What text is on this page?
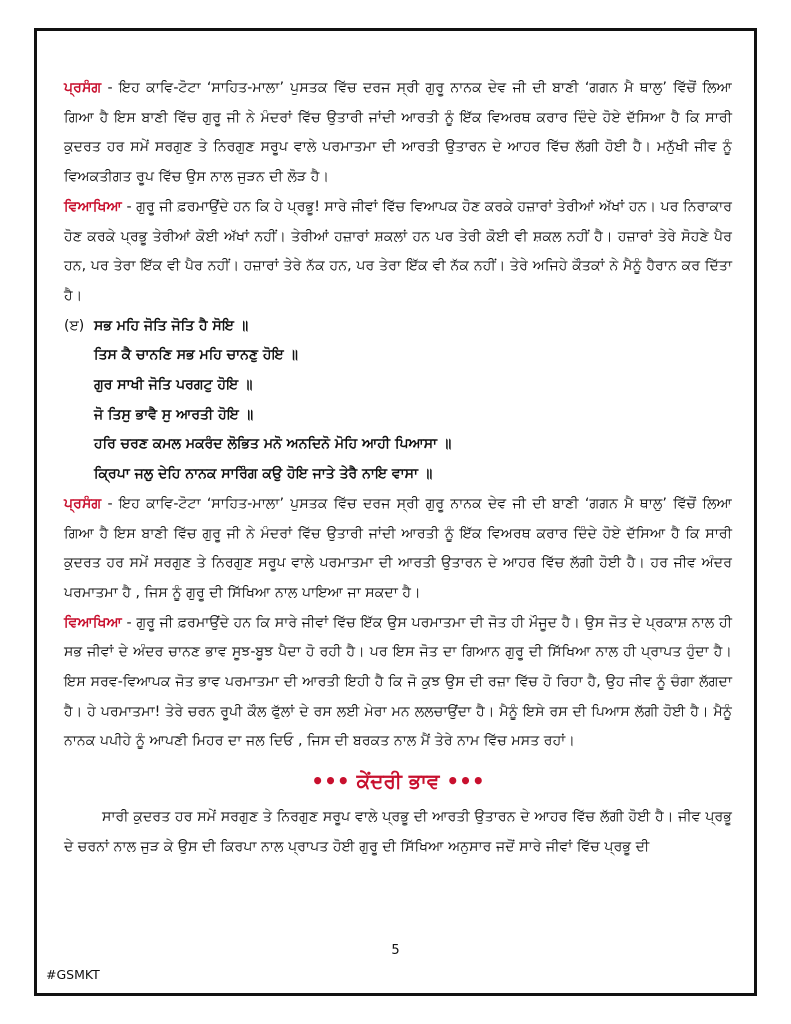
ਪ੍ਰਸੰਗ - ਇਹ ਕਾਵਿ-ਟੋਟਾ ‘ਸਾਹਿਤ-ਮਾਲਾ’ ਪੁਸਤਕ ਵਿੱਚ ਦਰਜ ਸ੍ਰੀ ਗੁਰੂ ਨਾਨਕ ਦੇਵ ਜੀ ਦੀ ਬਾਣੀ ‘ਗਗਨ ਮੈ ਥਾਲੁ’ ਵਿੱਚੋਂ ਲਿਆ ਗਿਆ ਹੈ ਇਸ ਬਾਣੀ ਵਿੱਚ ਗੁਰੂ ਜੀ ਨੇ ਮੰਦਰਾਂ ਵਿੱਚ ਉਤਾਰੀ ਜਾਂਦੀ ਆਰਤੀ ਨੂੰ ਇੱਕ ਵਿਅਰਥ ਕਰਾਰ ਦਿੰਦੇ ਹੋਏ ਦੱਸਿਆ ਹੈ ਕਿ ਸਾਰੀ ਕੁਦਰਤ ਹਰ ਸਮੇਂ ਸਰਗੁਣ ਤੇ ਨਿਰਗੁਣ ਸਰੂਪ ਵਾਲੇ ਪਰਮਾਤਮਾ ਦੀ ਆਰਤੀ ਉਤਾਰਨ ਦੇ ਆਹਰ ਵਿੱਚ ਲੱਗੀ ਹੋਈ ਹੈ। ਮਨੁੱਖੀ ਜੀਵ ਨੂੰ ਵਿਅਕਤੀਗਤ ਰੂਪ ਵਿੱਚ ਉਸ ਨਾਲ ਜੁੜਨ ਦੀ ਲੋੜ ਹੈ।

ਵਿਆਖਿਆ - ਗੁਰੂ ਜੀ ਫ਼ਰਮਾਉਂਦੇ ਹਨ ਕਿ ਹੇ ਪ੍ਰਭੂ! ਸਾਰੇ ਜੀਵਾਂ ਵਿੱਚ ਵਿਆਪਕ ਹੋਣ ਕਰਕੇ ਹਜ਼ਾਰਾਂ ਤੇਰੀਆਂ ਅੱਖਾਂ ਹਨ। ਪਰ ਨਿਰਾਕਾਰ ਹੋਣ ਕਰਕੇ ਪ੍ਰਭੂ ਤੇਰੀਆਂ ਕੋਈ ਅੱਖਾਂ ਨਹੀਂ। ਤੇਰੀਆਂ ਹਜ਼ਾਰਾਂ ਸ਼ਕਲਾਂ ਹਨ ਪਰ ਤੇਰੀ ਕੋਈ ਵੀ ਸ਼ਕਲ ਨਹੀਂ ਹੈ। ਹਜ਼ਾਰਾਂ ਤੇਰੇ ਸੋਹਣੇ ਪੈਰ ਹਨ, ਪਰ ਤੇਰਾ ਇੱਕ ਵੀ ਪੈਰ ਨਹੀਂ। ਹਜ਼ਾਰਾਂ ਤੇਰੇ ਨੱਕ ਹਨ, ਪਰ ਤੇਰਾ ਇੱਕ ਵੀ ਨੱਕ ਨਹੀਂ। ਤੇਰੇ ਅਜਿਹੇ ਕੌਤਕਾਂ ਨੇ ਮੈਨੂੰ ਹੈਰਾਨ ਕਰ ਦਿੱਤਾ ਹੈ।

(ੲ) ਸਭ ਮਹਿ ਜੋਤਿ ਜੋਤਿ ਹੈ ਸੋਇ ॥
ਤਿਸ ਕੈ ਚਾਨਣਿ ਸਭ ਮਹਿ ਚਾਨਣੁ ਹੋਇ ॥
ਗੁਰ ਸਾਖੀ ਜੋਤਿ ਪਰਗਟੁ ਹੋਇ ॥
ਜੋ ਤਿਸੁ ਭਾਵੈ ਸੁ ਆਰਤੀ ਹੋਇ ॥
ਹਰਿ ਚਰਣ ਕਮਲ ਮਕਰੰਦ ਲੋਭਿਤ ਮਨੋ ਅਨਦਿਨੋ ਮੋਹਿ ਆਹੀ ਪਿਆਸਾ ॥
ਕ੍ਰਿਪਾ ਜਲੁ ਦੇਹਿ ਨਾਨਕ ਸਾਰਿੰਗ ਕਉ ਹੋਇ ਜਾਤੇ ਤੇਰੈ ਨਾਇ ਵਾਸਾ ॥

ਪ੍ਰਸੰਗ - ਇਹ ਕਾਵਿ-ਟੋਟਾ ‘ਸਾਹਿਤ-ਮਾਲਾ’ ਪੁਸਤਕ ਵਿੱਚ ਦਰਜ ਸ੍ਰੀ ਗੁਰੂ ਨਾਨਕ ਦੇਵ ਜੀ ਦੀ ਬਾਣੀ ‘ਗਗਨ ਮੈ ਥਾਲੁ’ ਵਿੱਚੋਂ ਲਿਆ ਗਿਆ ਹੈ ਇਸ ਬਾਣੀ ਵਿੱਚ ਗੁਰੂ ਜੀ ਨੇ ਮੰਦਰਾਂ ਵਿੱਚ ਉਤਾਰੀ ਜਾਂਦੀ ਆਰਤੀ ਨੂੰ ਇੱਕ ਵਿਅਰਥ ਕਰਾਰ ਦਿੰਦੇ ਹੋਏ ਦੱਸਿਆ ਹੈ ਕਿ ਸਾਰੀ ਕੁਦਰਤ ਹਰ ਸਮੇਂ ਸਰਗੁਣ ਤੇ ਨਿਰਗੁਣ ਸਰੂਪ ਵਾਲੇ ਪਰਮਾਤਮਾ ਦੀ ਆਰਤੀ ਉਤਾਰਨ ਦੇ ਆਹਰ ਵਿੱਚ ਲੱਗੀ ਹੋਈ ਹੈ। ਹਰ ਜੀਵ ਅੰਦਰ ਪਰਮਾਤਮਾ ਹੈ , ਜਿਸ ਨੂੰ ਗੁਰੂ ਦੀ ਸਿੱਖਿਆ ਨਾਲ ਪਾਇਆ ਜਾ ਸਕਦਾ ਹੈ।

ਵਿਆਖਿਆ - ਗੁਰੂ ਜੀ ਫ਼ਰਮਾਉਂਦੇ ਹਨ ਕਿ ਸਾਰੇ ਜੀਵਾਂ ਵਿੱਚ ਇੱਕ ਉਸ ਪਰਮਾਤਮਾ ਦੀ ਜੋਤ ਹੀ ਮੌਜੂਦ ਹੈ। ਉਸ ਜੋਤ ਦੇ ਪ੍ਰਕਾਸ਼ ਨਾਲ ਹੀ ਸਭ ਜੀਵਾਂ ਦੇ ਅੰਦਰ ਚਾਨਣ ਭਾਵ ਸੂਝ-ਬੂਝ ਪੈਦਾ ਹੋ ਰਹੀ ਹੈ। ਪਰ ਇਸ ਜੋਤ ਦਾ ਗਿਆਨ ਗੁਰੂ ਦੀ ਸਿੱਖਿਆ ਨਾਲ ਹੀ ਪ੍ਰਾਪਤ ਹੁੰਦਾ ਹੈ। ਇਸ ਸਰਵ-ਵਿਆਪਕ ਜੋਤ ਭਾਵ ਪਰਮਾਤਮਾ ਦੀ ਆਰਤੀ ਇਹੀ ਹੈ ਕਿ ਜੋ ਕੁਝ ਉਸ ਦੀ ਰਜ਼ਾ ਵਿੱਚ ਹੋ ਰਿਹਾ ਹੈ, ਉਹ ਜੀਵ ਨੂੰ ਚੰਗਾ ਲੱਗਦਾ ਹੈ। ਹੇ ਪਰਮਾਤਮਾ! ਤੇਰੇ ਚਰਨ ਰੂਪੀ ਕੌਲ ਫੁੱਲਾਂ ਦੇ ਰਸ ਲਈ ਮੇਰਾ ਮਨ ਲਲਚਾਉਂਦਾ ਹੈ। ਮੈਨੂੰ ਇਸੇ ਰਸ ਦੀ ਪਿਆਸ ਲੱਗੀ ਹੋਈ ਹੈ। ਮੈਨੂੰ ਨਾਨਕ ਪਪੀਹੇ ਨੂੰ ਆਪਣੀ ਮਿਹਰ ਦਾ ਜਲ ਦਿਓ , ਜਿਸ ਦੀ ਬਰਕਤ ਨਾਲ ਮੈਂ ਤੇਰੇ ਨਾਮ ਵਿੱਚ ਮਸਤ ਰਹਾਂ।

••• ਕੇਂਦਰੀ ਭਾਵ •••

ਸਾਰੀ ਕੁਦਰਤ ਹਰ ਸਮੇਂ ਸਰਗੁਣ ਤੇ ਨਿਰਗੁਣ ਸਰੂਪ ਵਾਲੇ ਪ੍ਰਭੂ ਦੀ ਆਰਤੀ ਉਤਾਰਨ ਦੇ ਆਹਰ ਵਿੱਚ ਲੱਗੀ ਹੋਈ ਹੈ। ਜੀਵ ਪ੍ਰਭੂ ਦੇ ਚਰਨਾਂ ਨਾਲ ਜੁੜ ਕੇ ਉਸ ਦੀ ਕਿਰਪਾ ਨਾਲ ਪ੍ਰਾਪਤ ਹੋਈ ਗੁਰੂ ਦੀ ਸਿੱਖਿਆ ਅਨੁਸਾਰ ਜਦੋਂ ਸਾਰੇ ਜੀਵਾਂ ਵਿੱਚ ਪ੍ਰਭੂ ਦੀ

5
#GSMKT
